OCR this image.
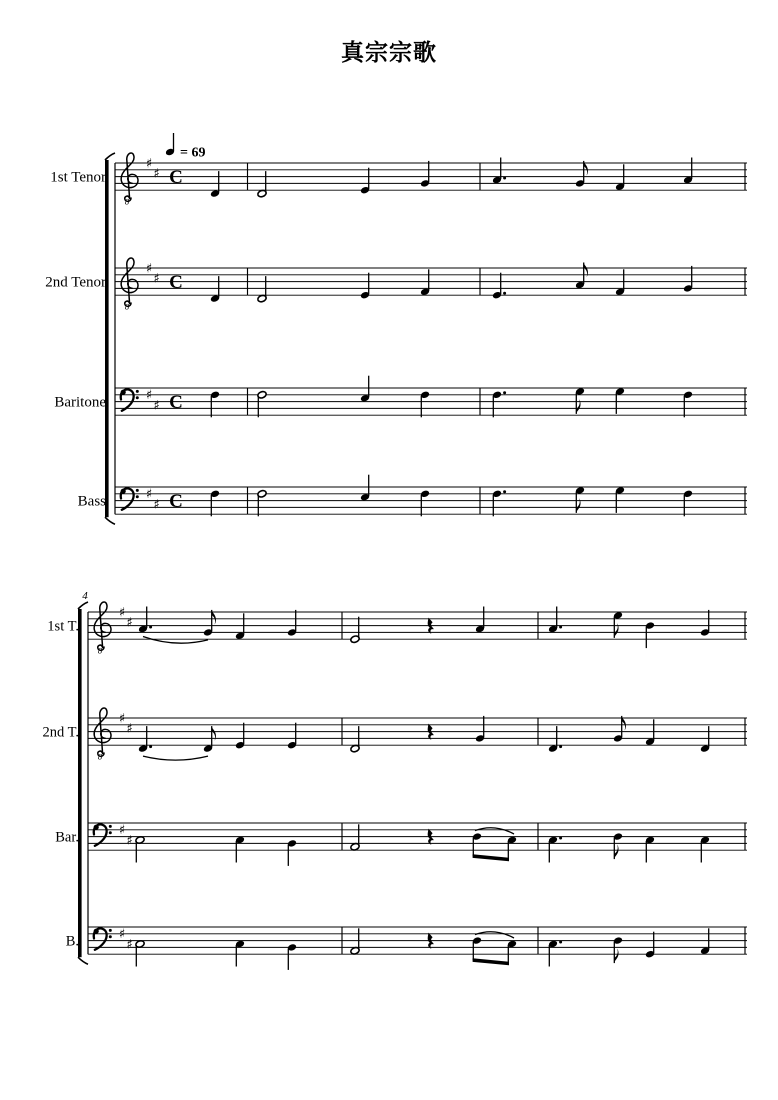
真宗宗歌
= 69
1st Tenor
8
♯
♯ C
2nd Tenor
8
♯
♯ C
Baritone	♯
♯ C
Bass	♯
♯ C
4
1st T.
8
♯
♯
2nd T.
8
♯
♯
Bar.	♯
♯
B.	♯
♯
